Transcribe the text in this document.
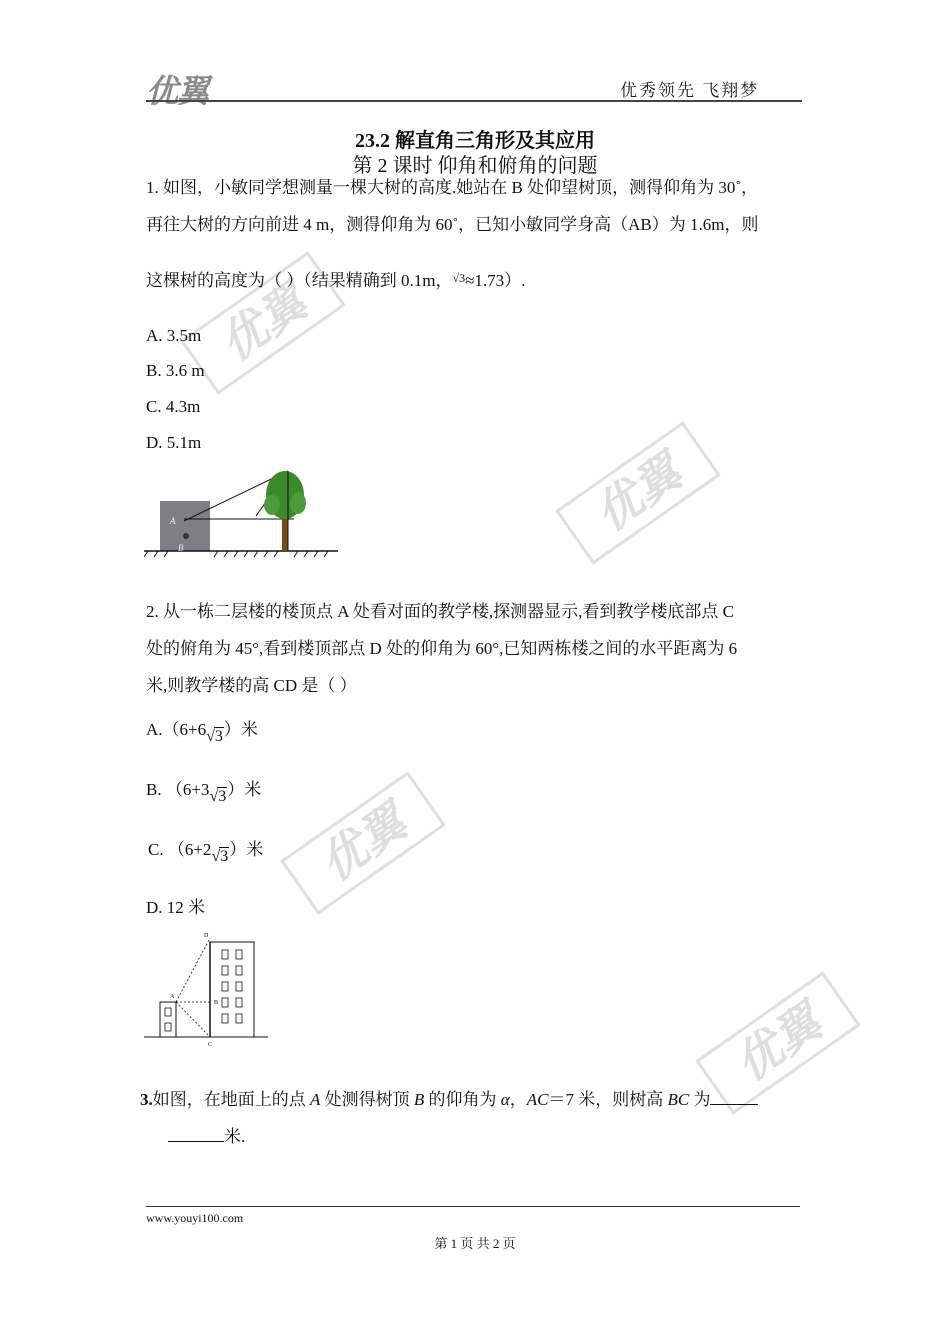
优翼	优秀领先 飞翔梦
优翼
优翼
优翼
优翼
23.2 解直角三角形及其应用
第 2 课时 仰角和俯角的问题
1. 如图，小敏同学想测量一棵大树的高度.她站在 B 处仰望树顶，测得仰角为 30˚，
再往大树的方向前进 4 m，测得仰角为 60˚，已知小敏同学身高（AB）为 1.6m，则
这棵树的高度为（ ）（结果精确到 0.1m，$^{√3}$≈1.73）.
A. 3.5m
B. 3.6 m
C. 4.3m
D. 5.1m
A
B
2. 从一栋二层楼的楼顶点 A 处看对面的教学楼,探测器显示,看到教学楼底部点 C
处的俯角为 45°,看到楼顶部点 D 处的仰角为 60°,已知两栋楼之间的水平距离为 6
米,则教学楼的高 CD 是（ ）
A.（6+6√3）米
B. （6+3√3）米
C. （6+2√3）米
D. 12 米
D
A
B
C
3.如图，在地面上的点 A 处测得树顶 B 的仰角为 α，AC＝7 米，则树高 BC 为
米.
www.youyi100.com
第 1 页 共 2 页
